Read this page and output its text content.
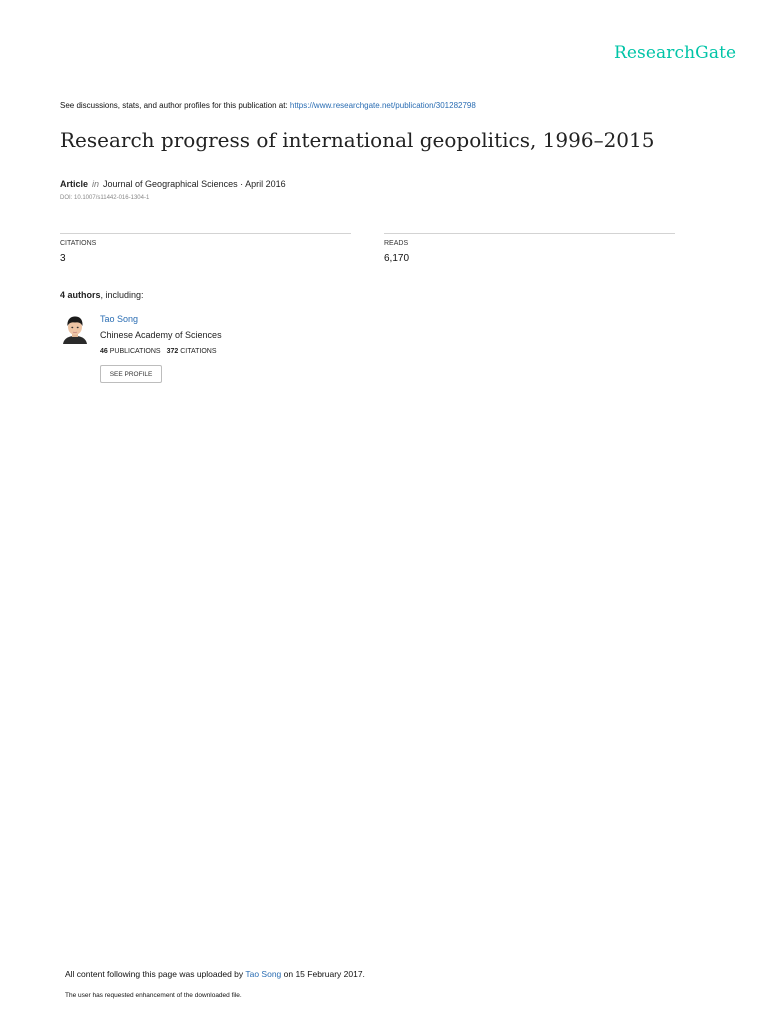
ResearchGate
See discussions, stats, and author profiles for this publication at: https://www.researchgate.net/publication/301282798
Research progress of international geopolitics, 1996–2015
Article in Journal of Geographical Sciences · April 2016
DOI: 10.1007/s11442-016-1304-1
CITATIONS
3
READS
6,170
4 authors, including:
Tao Song
Chinese Academy of Sciences
46 PUBLICATIONS 372 CITATIONS
SEE PROFILE
All content following this page was uploaded by Tao Song on 15 February 2017.
The user has requested enhancement of the downloaded file.
